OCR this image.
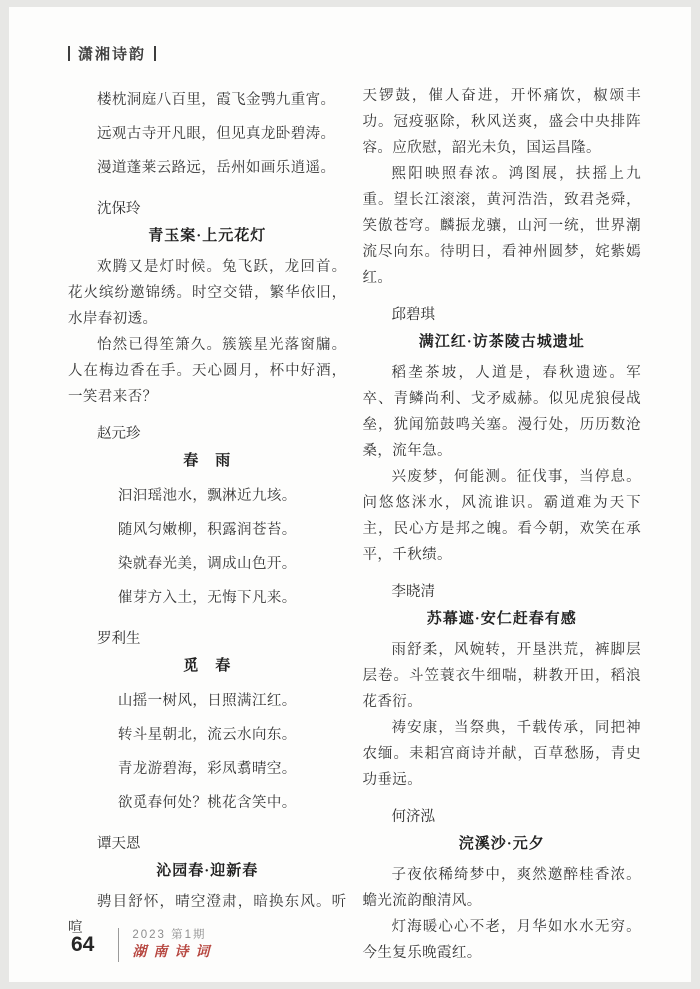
潇湘诗韵
楼枕洞庭八百里，霞飞金鹗九重宵。
远观古寺开凡眼，但见真龙卧碧涛。
漫道蓬莱云路远，岳州如画乐逍遥。
沈保玲
青玉案·上元花灯

欢腾又是灯时候。兔飞跃，龙回首。花火缤纷邀锦绣。时空交错，繁华依旧，水岸春初透。

怡然已得笙箫久。簇簇星光落窗牖。人在梅边香在手。天心圆月，杯中好酒，一笑君来否？

赵元珍
春　雨
汩汩瑶池水，飘淋近九垓。
随风匀嫩柳，积露润苍苔。
染就春光美，调成山色开。
催芽方入土，无悔下凡来。
罗利生
觅　春
山摇一树风，日照满江红。
转斗星朝北，流云水向东。
青龙游碧海，彩凤翥晴空。
欲觅春何处？桃花含笑中。
谭天恩
沁园春·迎新春

骋目舒怀，晴空澄肃，暗换东风。听喧

天锣鼓，催人奋进，开怀痛饮，椒颂丰功。冠疫驱除，秋风送爽，盛会中央排阵容。应欣慰，韶光未负，国运昌隆。

熙阳映照春浓。鸿图展，扶摇上九重。望长江滚滚，黄河浩浩，致君尧舜，笑傲苍穹。麟振龙骧，山河一统，世界潮流尽向东。待明日，看神州圆梦，姹紫嫣红。

邱碧琪
满江红·访茶陵古城遗址

稻垄茶坡，人道是，春秋遗迹。军卒、青鳞尚利、戈矛威赫。似见虎狼侵战垒，犹闻笳鼓鸣关塞。漫行处，历历数沧桑，流年急。

兴废梦，何能测。征伐事，当停息。问悠悠洣水，风流谁识。霸道难为天下主，民心方是邦之魄。看今朝，欢笑在承平，千秋绩。

李晓清
苏幕遮·安仁赶春有感

雨舒柔，风婉转，开垦洪荒，裤脚层层卷。斗笠蓑衣牛细喘，耕教开田，稻浪花香衍。

祷安康，当祭典，千载传承，同把神农缅。耒耜宫商诗并献，百草愁肠，青史功垂远。

何济泓
浣溪沙·元夕

子夜依稀绮梦中，爽然邀醉桂香浓。蟾光流韵酿清风。

灯海暖心心不老，月华如水水无穷。今生复乐晚霞红。

64	2023 第1期
湖南诗词
